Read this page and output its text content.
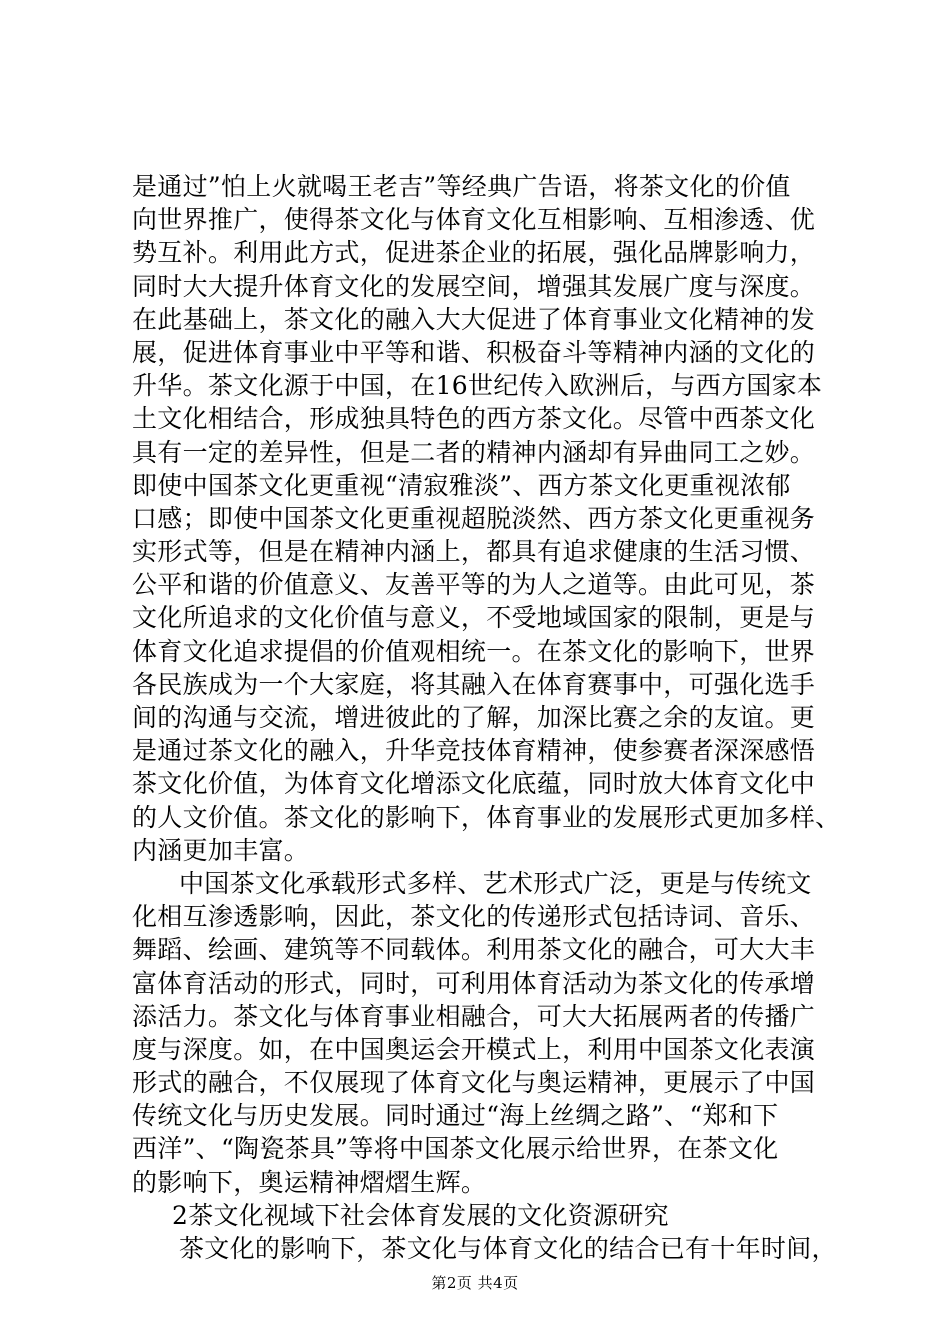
是通过”怕上火就喝王老吉”等经典广告语，将茶文化的价值
向世界推广，使得茶文化与体育文化互相影响、互相渗透、优
势互补。利用此方式，促进茶企业的拓展，强化品牌影响力，
同时大大提升体育文化的发展空间，增强其发展广度与深度。
在此基础上，茶文化的融入大大促进了体育事业文化精神的发
展，促进体育事业中平等和谐、积极奋斗等精神内涵的文化的
升华。茶文化源于中国，在16世纪传入欧洲后，与西方国家本
土文化相结合，形成独具特色的西方茶文化。尽管中西茶文化
具有一定的差异性，但是二者的精神内涵却有异曲同工之妙。
即使中国茶文化更重视“清寂雅淡”、西方茶文化更重视浓郁
口感；即使中国茶文化更重视超脱淡然、西方茶文化更重视务
实形式等，但是在精神内涵上，都具有追求健康的生活习惯、
公平和谐的价值意义、友善平等的为人之道等。由此可见，茶
文化所追求的文化价值与意义，不受地域国家的限制，更是与
体育文化追求提倡的价值观相统一。在茶文化的影响下，世界
各民族成为一个大家庭，将其融入在体育赛事中，可强化选手
间的沟通与交流，增进彼此的了解，加深比赛之余的友谊。更
是通过茶文化的融入，升华竞技体育精神，使参赛者深深感悟
茶文化价值，为体育文化增添文化底蕴，同时放大体育文化中
的人文价值。茶文化的影响下，体育事业的发展形式更加多样、
内涵更加丰富。
中国茶文化承载形式多样、艺术形式广泛，更是与传统文
化相互渗透影响，因此，茶文化的传递形式包括诗词、音乐、
舞蹈、绘画、建筑等不同载体。利用茶文化的融合，可大大丰
富体育活动的形式，同时，可利用体育活动为茶文化的传承增
添活力。茶文化与体育事业相融合，可大大拓展两者的传播广
度与深度。如，在中国奥运会开模式上，利用中国茶文化表演
形式的融合，不仅展现了体育文化与奥运精神，更展示了中国
传统文化与历史发展。同时通过“海上丝绸之路”、“郑和下
西洋”、“陶瓷茶具”等将中国茶文化展示给世界，在茶文化
的影响下，奥运精神熠熠生辉。
2茶文化视域下社会体育发展的文化资源研究
茶文化的影响下，茶文化与体育文化的结合已有十年时间，
第2页 共4页
